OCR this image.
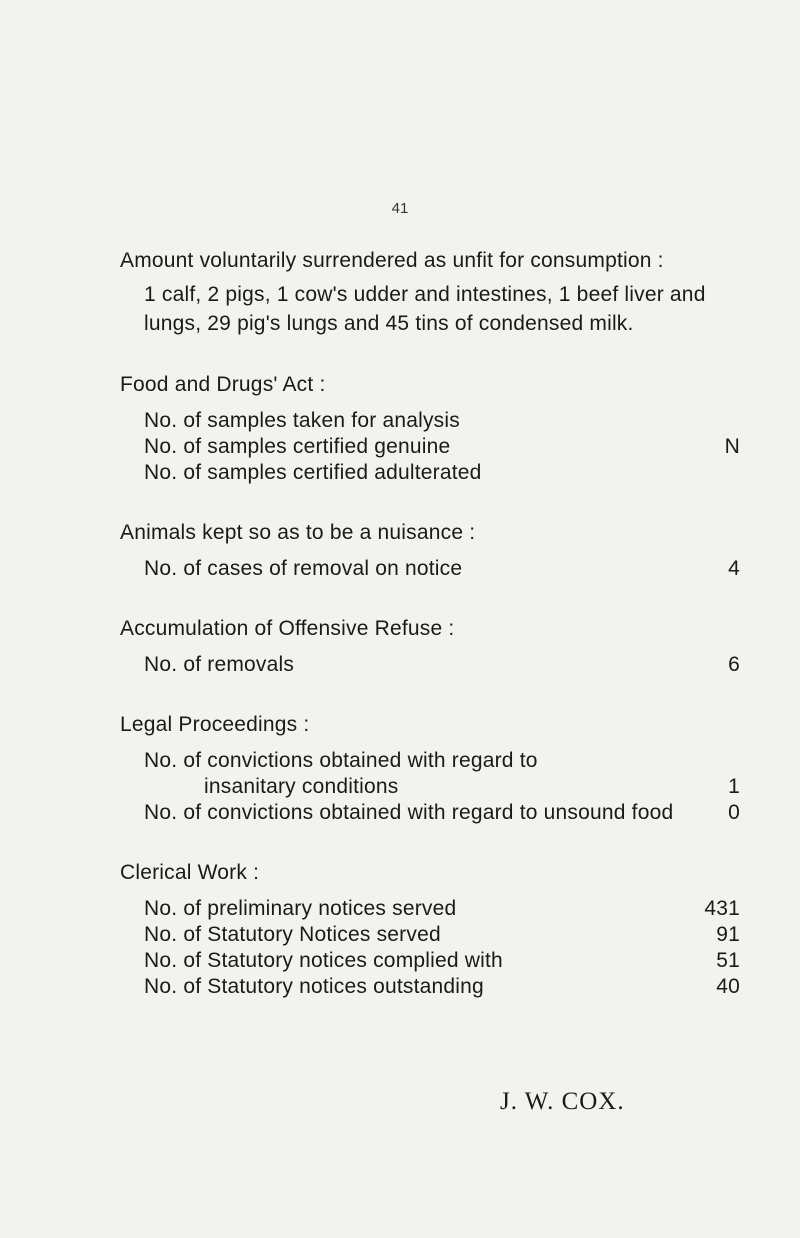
41

Amount voluntarily surrendered as unfit for consumption :

1 calf, 2 pigs, 1 cow's udder and intestines, 1 beef liver and lungs, 29 pig's lungs and 45 tins of condensed milk.

Food and Drugs' Act :

No. of samples taken for analysis
No. of samples certified genuine	N
No. of samples certified adulterated

Animals kept so as to be a nuisance :

No. of cases of removal on notice	4

Accumulation of Offensive Refuse :

No. of removals	6

Legal Proceedings :

No. of convictions obtained with regard to
insanitary conditions	1
No. of convictions obtained with regard to unsound food	0

Clerical Work :

No. of preliminary notices served	431
No. of Statutory Notices served	91
No. of Statutory notices complied with	51
No. of Statutory notices outstanding	40
J. W. COX.
